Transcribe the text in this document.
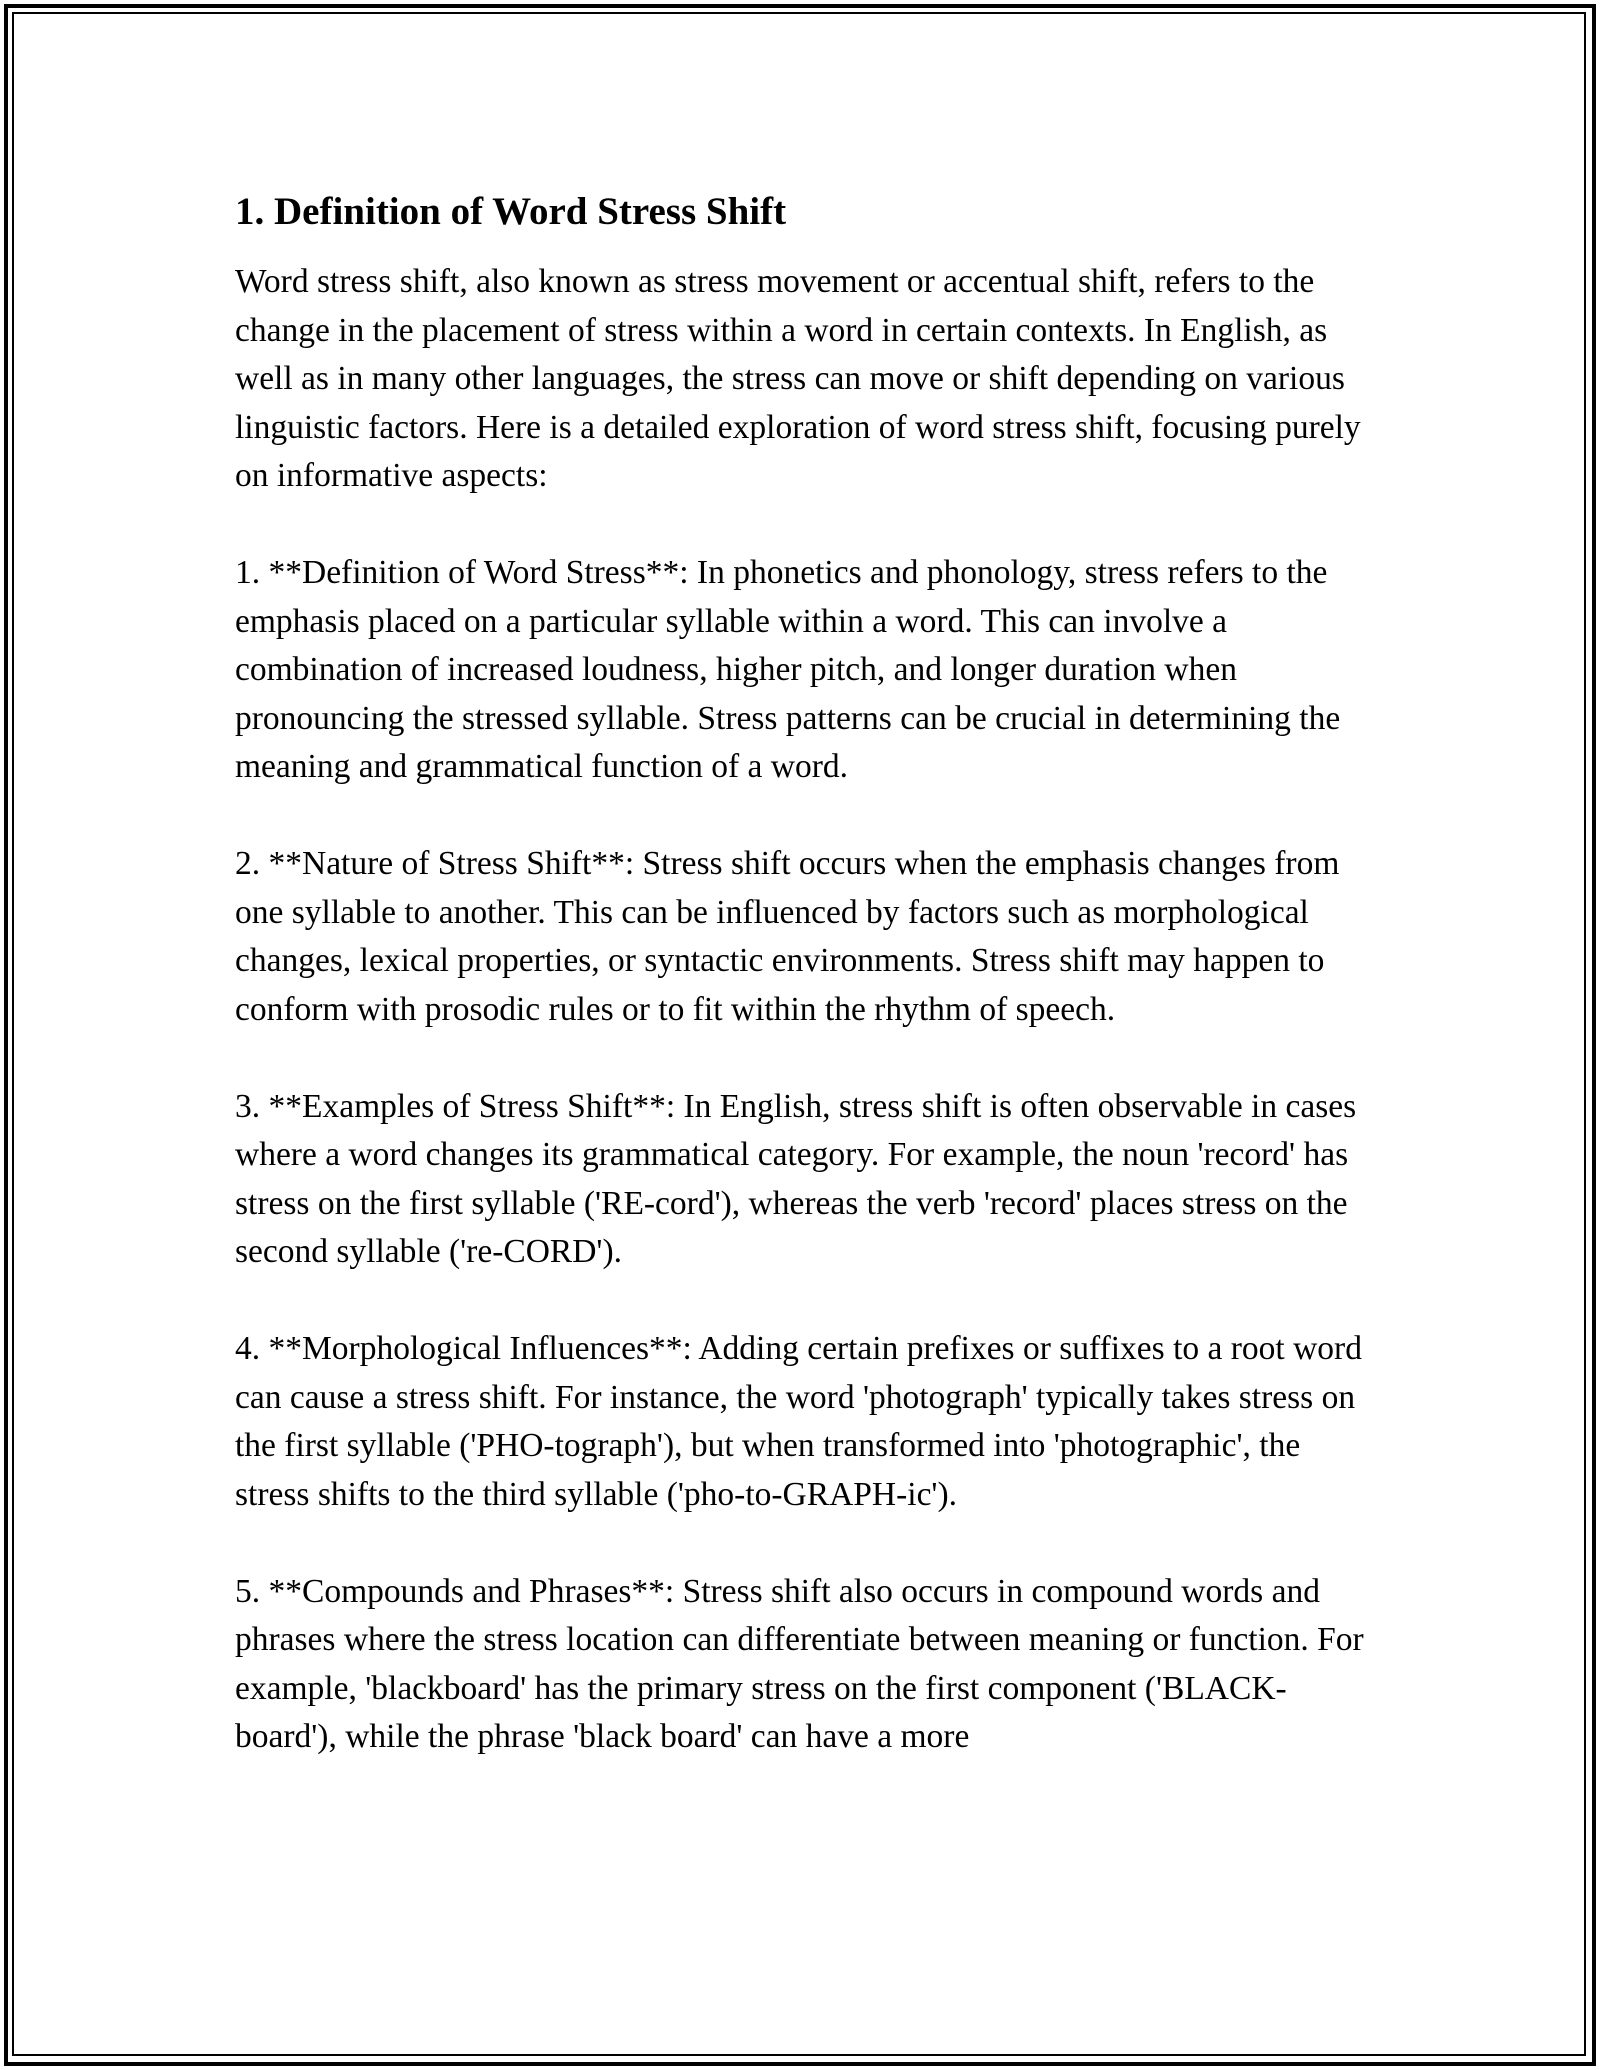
1. Definition of Word Stress Shift

Word stress shift, also known as stress movement or accentual shift, refers to the change in the placement of stress within a word in certain contexts. In English, as well as in many other languages, the stress can move or shift depending on various linguistic factors. Here is a detailed exploration of word stress shift, focusing purely on informative aspects:

1. **Definition of Word Stress**: In phonetics and phonology, stress refers to the emphasis placed on a particular syllable within a word. This can involve a combination of increased loudness, higher pitch, and longer duration when pronouncing the stressed syllable. Stress patterns can be crucial in determining the meaning and grammatical function of a word.

2. **Nature of Stress Shift**: Stress shift occurs when the emphasis changes from one syllable to another. This can be influenced by factors such as morphological changes, lexical properties, or syntactic environments. Stress shift may happen to conform with prosodic rules or to fit within the rhythm of speech.

3. **Examples of Stress Shift**: In English, stress shift is often observable in cases where a word changes its grammatical category. For example, the noun 'record' has stress on the first syllable ('RE-cord'), whereas the verb 'record' places stress on the second syllable ('re-CORD').

4. **Morphological Influences**: Adding certain prefixes or suffixes to a root word can cause a stress shift. For instance, the word 'photograph' typically takes stress on the first syllable ('PHO-tograph'), but when transformed into 'photographic', the stress shifts to the third syllable ('pho-to-GRAPH-ic').

5. **Compounds and Phrases**: Stress shift also occurs in compound words and phrases where the stress location can differentiate between meaning or function. For example, 'blackboard' has the primary stress on the first component ('BLACK-board'), while the phrase 'black board' can have a more
